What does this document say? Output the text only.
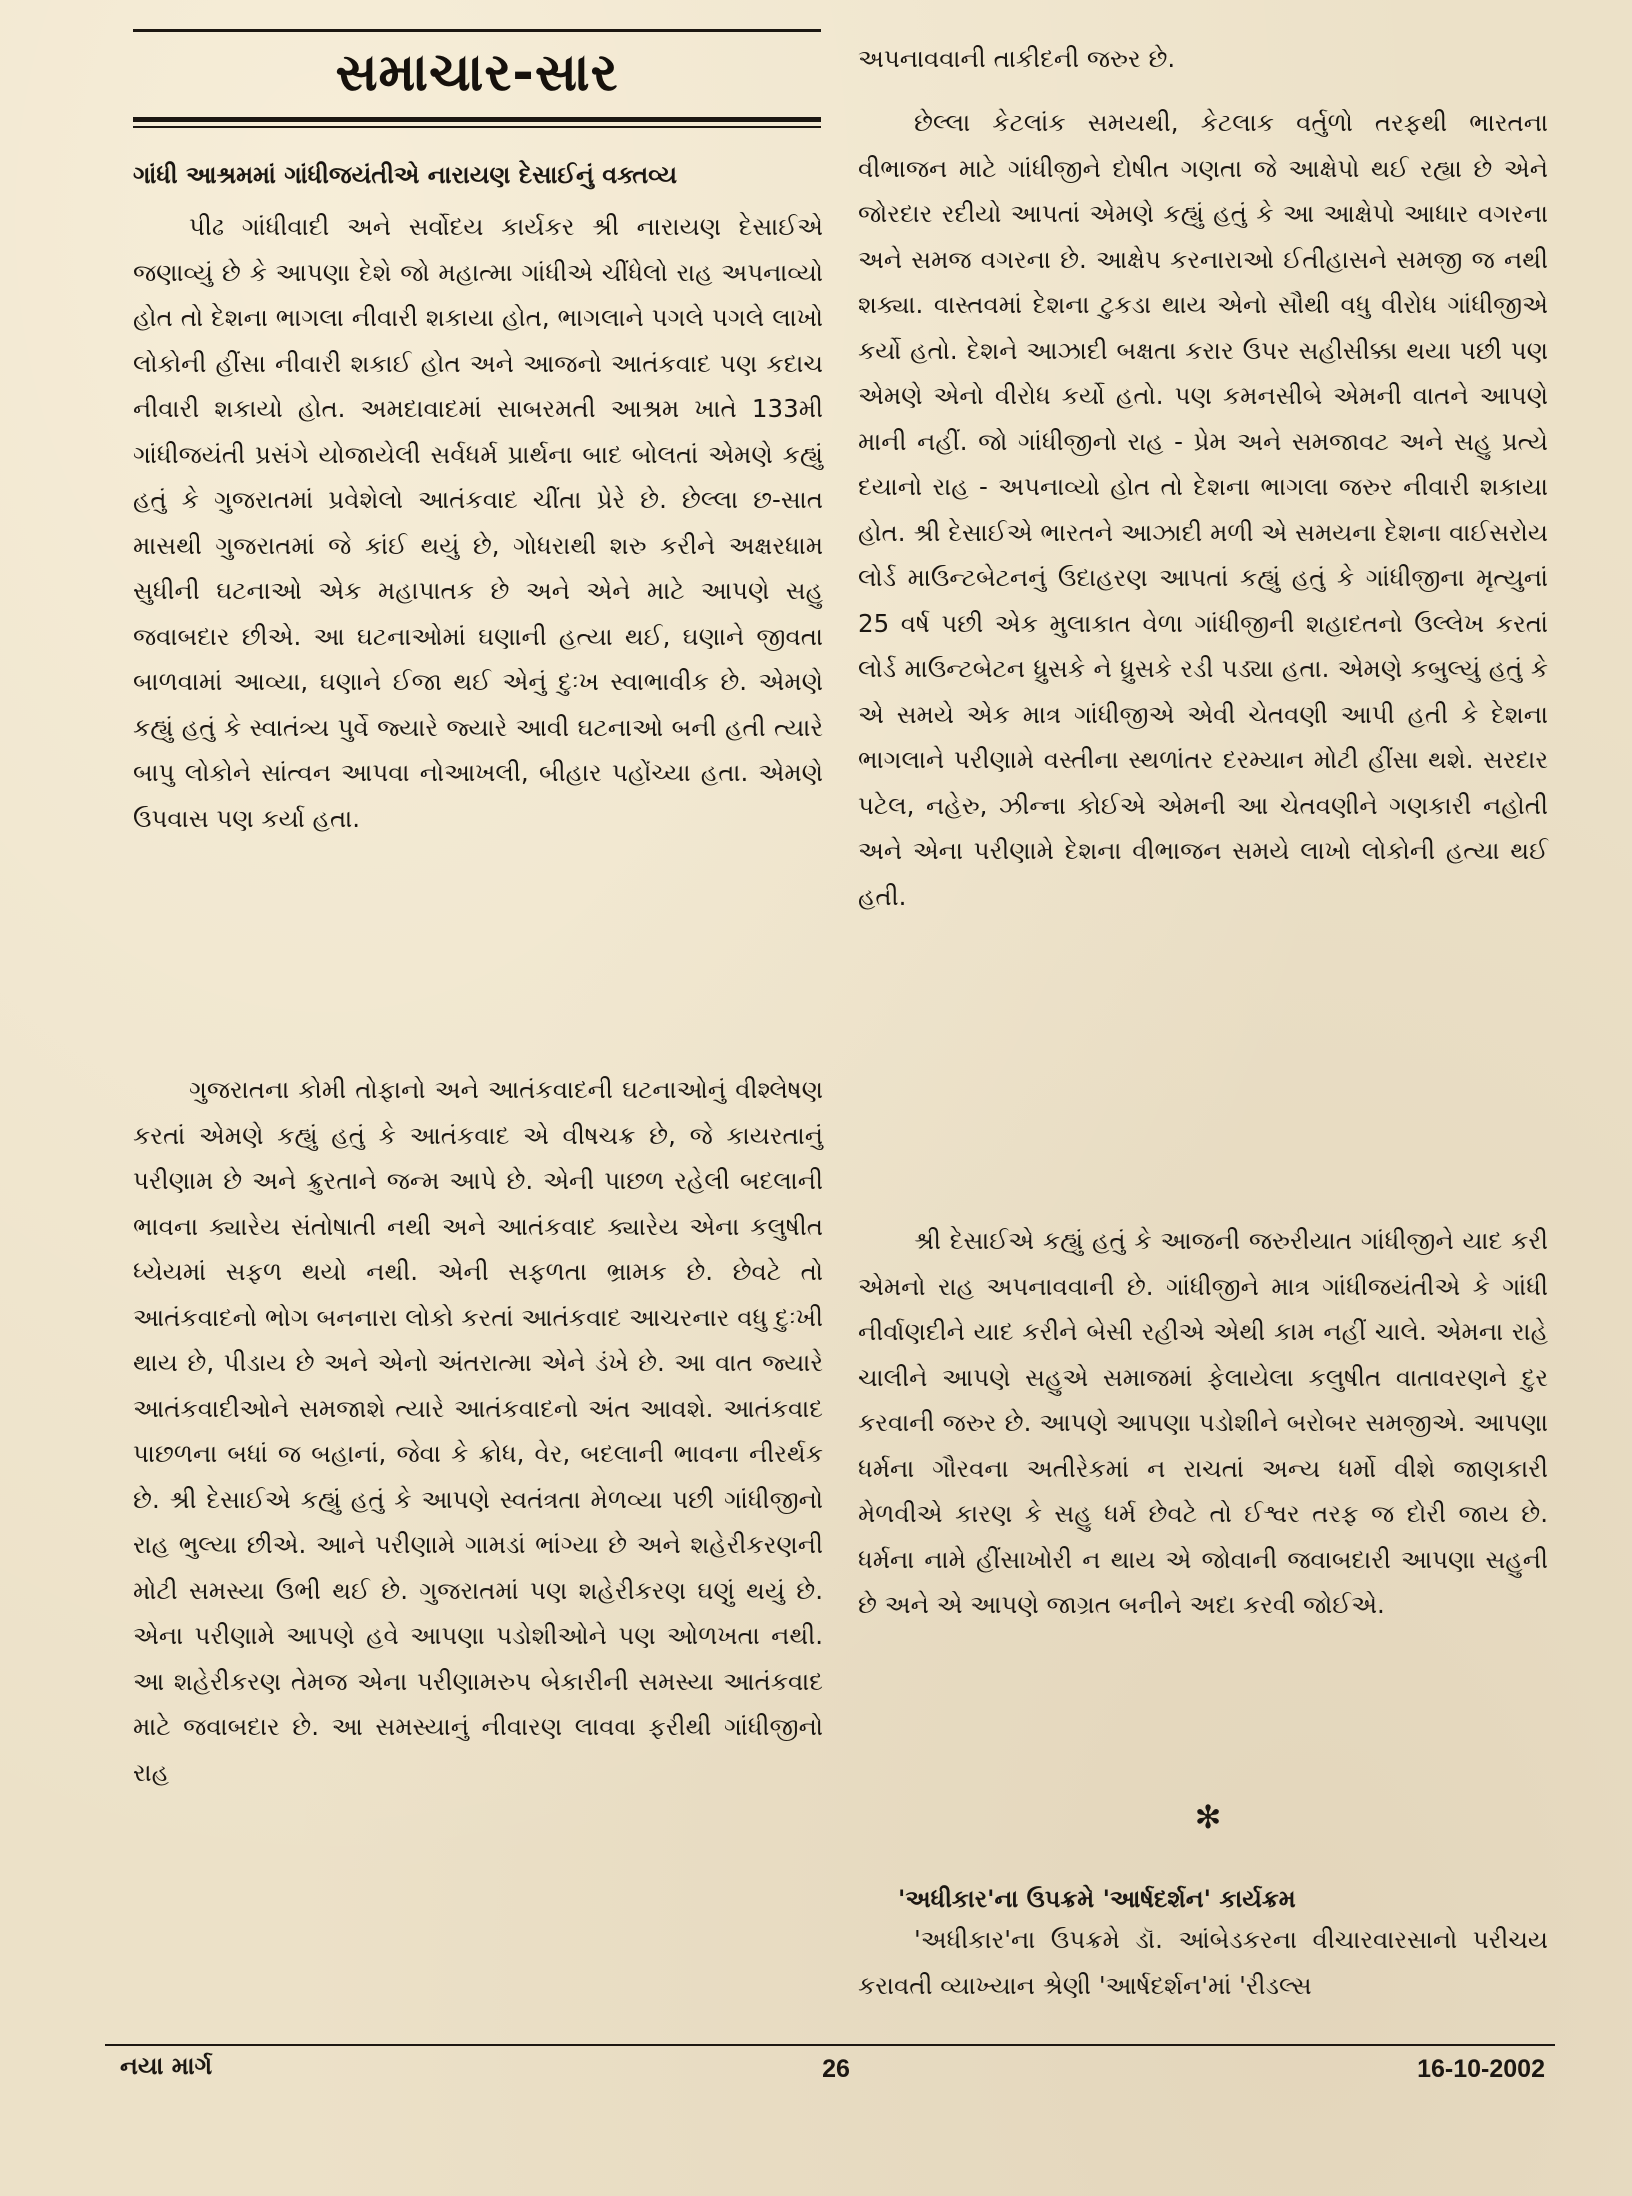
સમાચાર-સાર
ગાંધી આશ્રમમાં ગાંધીજયંતીએ નારાયણ દેસાઈનું વક્તવ્ય

પીઢ ગાંધીવાદી અને સર્વોદય કાર્યકર શ્રી નારાયણ દેસાઈએ જણાવ્યું છે કે આપણા દેશે જો મહાત્મા ગાંધીએ ચીંધેલો રાહ અપનાવ્યો હોત તો દેશના ભાગલા નીવારી શકાયા હોત, ભાગલાને પગલે પગલે લાખો લોકોની હીંસા નીવારી શકાઈ હોત અને આજનો આતંકવાદ પણ કદાચ નીવારી શકાયો હોત. અમદાવાદમાં સાબરમતી આશ્રમ ખાતે 133મી ગાંધીજયંતી પ્રસંગે યોજાયેલી સર્વધર્મ પ્રાર્થના બાદ બોલતાં એમણે કહ્યું હતું કે ગુજરાતમાં પ્રવેશેલો આતંકવાદ ચીંતા પ્રેરે છે. છેલ્લા છ-સાત માસથી ગુજરાતમાં જે કાંઈ થયું છે, ગોધરાથી શરુ કરીને અક્ષરધામ સુધીની ઘટનાઓ એક મહાપાતક છે અને એને માટે આપણે સહુ જવાબદાર છીએ. આ ઘટનાઓમાં ઘણાની હત્યા થઈ, ઘણાને જીવતા બાળવામાં આવ્યા, ઘણાને ઈજા થઈ એનું દુઃખ સ્વાભાવીક છે. એમણે કહ્યું હતું કે સ્વાતંત્ર્ય પુર્વે જ્યારે જ્યારે આવી ઘટનાઓ બની હતી ત્યારે બાપુ લોકોને સાંત્વન આપવા નોઆખલી, બીહાર પહોંચ્યા હતા. એમણે ઉપવાસ પણ કર્યા હતા.

ગુજરાતના કોમી તોફાનો અને આતંકવાદની ઘટનાઓનું વીશ્લેષણ કરતાં એમણે કહ્યું હતું કે આતંકવાદ એ વીષચક્ર છે, જે કાયરતાનું પરીણામ છે અને ક્રુરતાને જન્મ આપે છે. એની પાછળ રહેલી બદલાની ભાવના ક્યારેય સંતોષાતી નથી અને આતંકવાદ ક્યારેય એના કલુષીત ધ્યેયમાં સફળ થયો નથી. એની સફળતા ભ્રામક છે. છેવટે તો આતંકવાદનો ભોગ બનનારા લોકો કરતાં આતંકવાદ આચરનાર વધુ દુઃખી થાય છે, પીડાય છે અને એનો અંતરાત્મા એને ડંખે છે. આ વાત જ્યારે આતંકવાદીઓને સમજાશે ત્યારે આતંકવાદનો અંત આવશે. આતંકવાદ પાછળના બધાં જ બહાનાં, જેવા કે ક્રોધ, વેર, બદલાની ભાવના નીરર્થક છે. શ્રી દેસાઈએ કહ્યું હતું કે આપણે સ્વતંત્રતા મેળવ્યા પછી ગાંધીજીનો રાહ ભુલ્યા છીએ. આને પરીણામે ગામડાં ભાંગ્યા છે અને શહેરીકરણની મોટી સમસ્યા ઉભી થઈ છે. ગુજરાતમાં પણ શહેરીકરણ ઘણું થયું છે. એના પરીણામે આપણે હવે આપણા પડોશીઓને પણ ઓળખતા નથી. આ શહેરીકરણ તેમજ એના પરીણામરુપ બેકારીની સમસ્યા આતંકવાદ માટે જવાબદાર છે. આ સમસ્યાનું નીવારણ લાવવા ફરીથી ગાંધીજીનો રાહ

અપનાવવાની તાકીદની જરુર છે.

છેલ્લા કેટલાંક સમયથી, કેટલાક વર્તુળો તરફથી ભારતના વીભાજન માટે ગાંધીજીને દોષીત ગણતા જે આક્ષેપો થઈ રહ્યા છે એને જોરદાર રદીયો આપતાં એમણે કહ્યું હતું કે આ આક્ષેપો આધાર વગરના અને સમજ વગરના છે. આક્ષેપ કરનારાઓ ઈતીહાસને સમજી જ નથી શક્યા. વાસ્તવમાં દેશના ટુકડા થાય એનો સૌથી વધુ વીરોધ ગાંધીજીએ કર્યો હતો. દેશને આઝાદી બક્ષતા કરાર ઉપર સહીસીક્કા થયા પછી પણ એમણે એનો વીરોધ કર્યો હતો. પણ કમનસીબે એમની વાતને આપણે માની નહીં. જો ગાંધીજીનો રાહ - પ્રેમ અને સમજાવટ અને સહુ પ્રત્યે દયાનો રાહ - અપનાવ્યો હોત તો દેશના ભાગલા જરુર નીવારી શકાયા હોત. શ્રી દેસાઈએ ભારતને આઝાદી મળી એ સમયના દેશના વાઈસરોય લોર્ડ માઉન્ટબેટનનું ઉદાહરણ આપતાં કહ્યું હતું કે ગાંધીજીના મૃત્યુનાં 25 વર્ષ પછી એક મુલાકાત વેળા ગાંધીજીની શહાદતનો ઉલ્લેખ કરતાં લોર્ડ માઉન્ટબેટન ધ્રુસકે ને ધ્રુસકે રડી પડ્યા હતા. એમણે કબુલ્યું હતું કે એ સમયે એક માત્ર ગાંધીજીએ એવી ચેતવણી આપી હતી કે દેશના ભાગલાને પરીણામે વસ્તીના સ્થળાંતર દરમ્યાન મોટી હીંસા થશે. સરદાર પટેલ, નહેરુ, ઝીન્ના કોઈએ એમની આ ચેતવણીને ગણકારી નહોતી અને એના પરીણામે દેશના વીભાજન સમયે લાખો લોકોની હત્યા થઈ હતી.

શ્રી દેસાઈએ કહ્યું હતું કે આજની જરુરીયાત ગાંધીજીને યાદ કરી એમનો રાહ અપનાવવાની છે. ગાંધીજીને માત્ર ગાંધીજયંતીએ કે ગાંધી નીર્વાણદીને યાદ કરીને બેસી રહીએ એથી કામ નહીં ચાલે. એમના રાહે ચાલીને આપણે સહુએ સમાજમાં ફેલાયેલા કલુષીત વાતાવરણને દુર કરવાની જરુર છે. આપણે આપણા પડોશીને બરોબર સમજીએ. આપણા ધર્મના ગૌરવના અતીરેકમાં ન રાચતાં અન્ય ધર્મો વીશે જાણકારી મેળવીએ કારણ કે સહુ ધર્મ છેવટે તો ઈશ્વર તરફ જ દોરી જાય છે. ધર્મના નામે હીંસાખોરી ન થાય એ જોવાની જવાબદારી આપણા સહુની છે અને એ આપણે જાગ્રત બનીને અદા કરવી જોઈએ.

✻
'અધીકાર'ના ઉપક્રમે 'આર્ષદર્શન' કાર્યક્રમ

'અધીકાર'ના ઉપક્રમે ડૉ. આંબેડકરના વીચારવારસાનો પરીચય કરાવતી વ્યાખ્યાન શ્રેણી 'આર્ષદર્શન'માં 'રીડલ્સ

નયા માર્ગ	26	16-10-2002
